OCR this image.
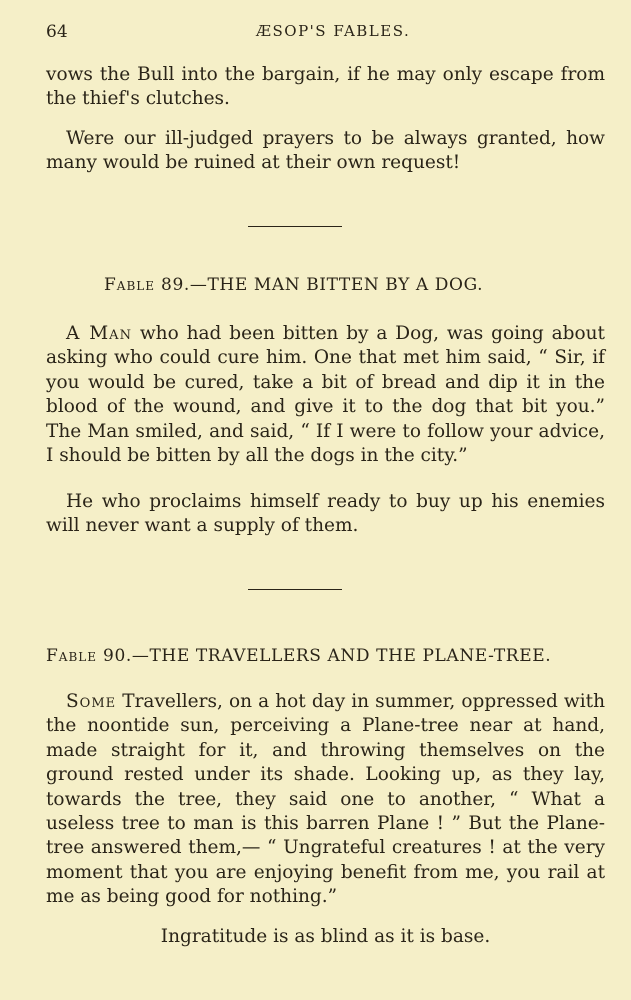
64	ÆSOP'S FABLES.

vows the Bull into the bargain, if he may only escape from the thief's clutches.

Were our ill-judged prayers to be always granted, how many would be ruined at their own request!

Fable 89.—THE MAN BITTEN BY A DOG.

A Man who had been bitten by a Dog, was going about asking who could cure him. One that met him said, “ Sir, if you would be cured, take a bit of bread and dip it in the blood of the wound, and give it to the dog that bit you.” The Man smiled, and said, “ If I were to follow your advice, I should be bitten by all the dogs in the city.”

He who proclaims himself ready to buy up his enemies will never want a supply of them.

Fable 90.—THE TRAVELLERS AND THE PLANE-TREE.

Some Travellers, on a hot day in summer, oppressed with the noontide sun, perceiving a Plane-tree near at hand, made straight for it, and throwing themselves on the ground rested under its shade. Looking up, as they lay, towards the tree, they said one to another, “ What a useless tree to man is this barren Plane ! ” But the Plane-tree answered them,— “ Ungrateful creatures ! at the very moment that you are enjoying benefit from me, you rail at me as being good for nothing.”

Ingratitude is as blind as it is base.
